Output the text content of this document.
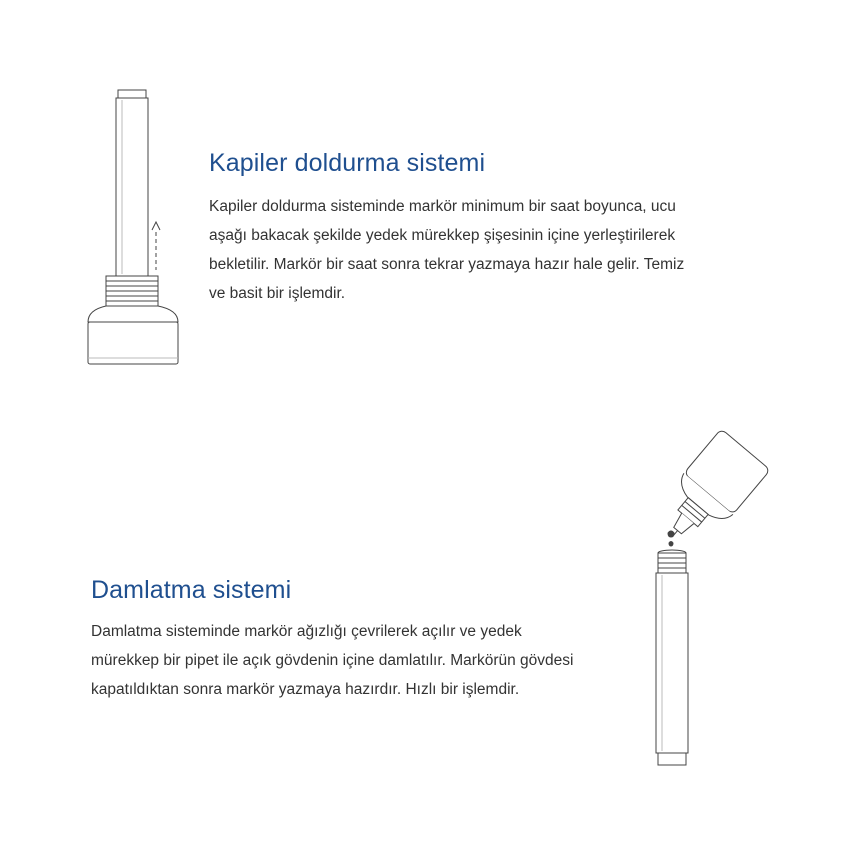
Kapiler doldurma sistemi

Kapiler doldurma sisteminde markör minimum bir saat boyunca, ucu
aşağı bakacak şekilde yedek mürekkep şişesinin içine yerleştirilerek
bekletilir. Markör bir saat sonra tekrar yazmaya hazır hale gelir. Temiz
ve basit bir işlemdir.

Damlatma sistemi

Damlatma sisteminde markör ağızlığı çevrilerek açılır ve yedek
mürekkep bir pipet ile açık gövdenin içine damlatılır. Markörün gövdesi
kapatıldıktan sonra markör yazmaya hazırdır. Hızlı bir işlemdir.
